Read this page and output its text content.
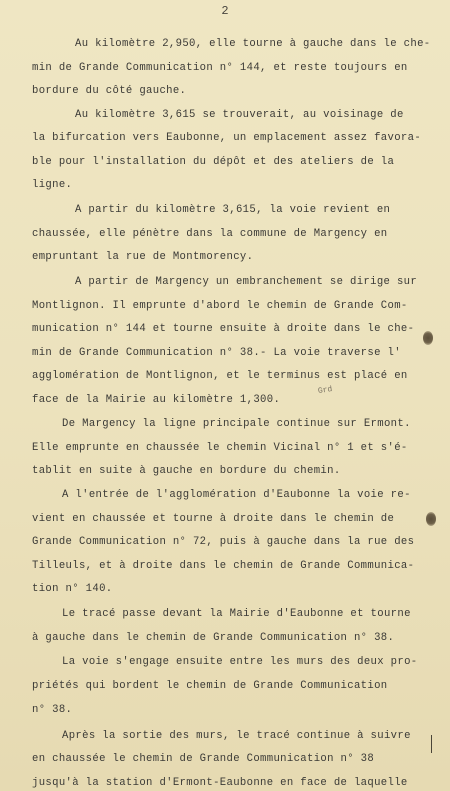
2
Au kilomètre 2,950, elle tourne à gauche dans le che-
min de Grande Communication n° 144, et reste toujours en
bordure du côté gauche.
Au kilomètre 3,615 se trouverait, au voisinage de
la bifurcation vers Eaubonne, un emplacement assez favora-
ble pour l'installation du dépôt et des ateliers de la
ligne.
A partir du kilomètre 3,615, la voie revient en
chaussée, elle pénètre dans la commune de Margency en
empruntant la rue de Montmorency.
A partir de Margency un embranchement se dirige sur
Montlignon. Il emprunte d'abord le chemin de Grande Com-
munication n° 144 et tourne ensuite à droite dans le che-
min de Grande Communication n° 38.- La voie traverse l'
agglomération de Montlignon, et le terminus est placé en
face de la Mairie au kilomètre 1,300.
De Margency la ligne principale continue sur Ermont.
Elle emprunte en chaussée le chemin Vicinal n° 1 et s'é-
tablit en suite à gauche en bordure du chemin.
A l'entrée de l'agglomération d'Eaubonne la voie re-
vient en chaussée et tourne à droite dans le chemin de
Grande Communication n° 72, puis à gauche dans la rue des
Tilleuls, et à droite dans le chemin de Grande Communica-
tion n° 140.
Le tracé passe devant la Mairie d'Eaubonne et tourne
à gauche dans le chemin de Grande Communication n° 38.
La voie s'engage ensuite entre les murs des deux pro-
priétés qui bordent le chemin de Grande Communication
n° 38.
Après la sortie des murs, le tracé continue à suivre
en chaussée le chemin de Grande Communication n° 38
jusqu'à la station d'Ermont-Eaubonne en face de laquelle
Grd
